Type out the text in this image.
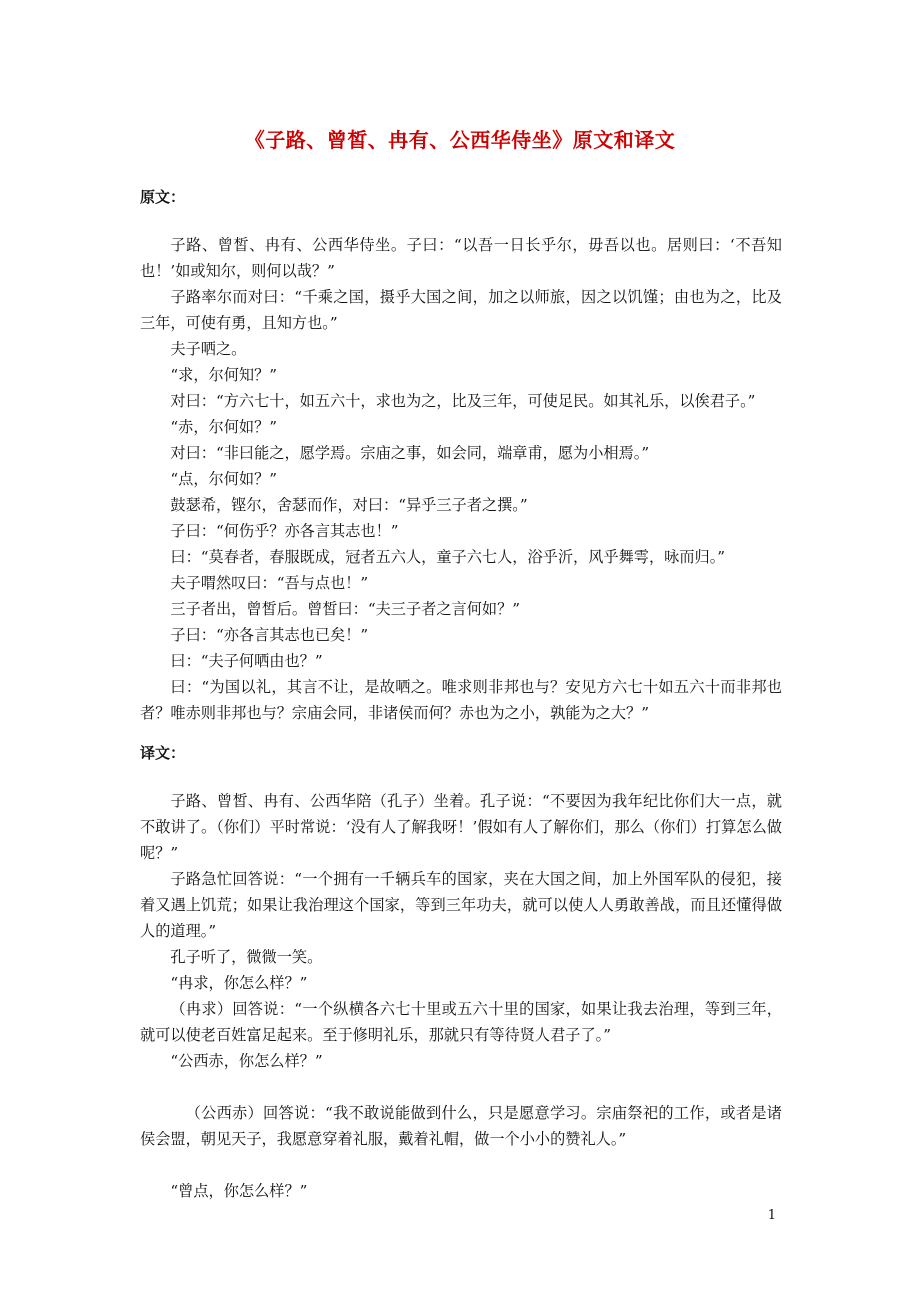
《子路、曾皙、冉有、公西华侍坐》原文和译文
原文：

子路、曾皙、冉有、公西华侍坐。子曰：“以吾一日长乎尔，毋吾以也。居则曰：‘不吾知也！’如或知尔，则何以哉？”

子路率尔而对曰：“千乘之国，摄乎大国之间，加之以师旅，因之以饥馑；由也为之，比及三年，可使有勇，且知方也。”

夫子哂之。

“求，尔何知？”

对曰：“方六七十，如五六十，求也为之，比及三年，可使足民。如其礼乐，以俟君子。”

“赤，尔何如？”

对曰：“非曰能之，愿学焉。宗庙之事，如会同，端章甫，愿为小相焉。”

“点，尔何如？”

鼓瑟希，铿尔，舍瑟而作，对曰：“异乎三子者之撰。”

子曰：“何伤乎？亦各言其志也！”

曰：“莫春者，春服既成，冠者五六人，童子六七人，浴乎沂，风乎舞雩，咏而归。”

夫子喟然叹曰：“吾与点也！”

三子者出，曾皙后。曾皙曰：“夫三子者之言何如？”

子曰：“亦各言其志也已矣！”

曰：“夫子何哂由也？”

曰：“为国以礼，其言不让，是故哂之。唯求则非邦也与？安见方六七十如五六十而非邦也者？唯赤则非邦也与？宗庙会同，非诸侯而何？赤也为之小，孰能为之大？”

译文：

子路、曾皙、冉有、公西华陪（孔子）坐着。孔子说：“不要因为我年纪比你们大一点，就不敢讲了。（你们）平时常说：‘没有人了解我呀！’假如有人了解你们，那么（你们）打算怎么做呢？”

子路急忙回答说：“一个拥有一千辆兵车的国家，夹在大国之间，加上外国军队的侵犯，接着又遇上饥荒；如果让我治理这个国家，等到三年功夫，就可以使人人勇敢善战，而且还懂得做人的道理。”

孔子听了，微微一笑。

“冉求，你怎么样？”

（冉求）回答说：“一个纵横各六七十里或五六十里的国家，如果让我去治理，等到三年，就可以使老百姓富足起来。至于修明礼乐，那就只有等待贤人君子了。”

“公西赤，你怎么样？”

（公西赤）回答说：“我不敢说能做到什么，只是愿意学习。宗庙祭祀的工作，或者是诸侯会盟，朝见天子，我愿意穿着礼服，戴着礼帽，做一个小小的赞礼人。”

“曾点，你怎么样？”

1
